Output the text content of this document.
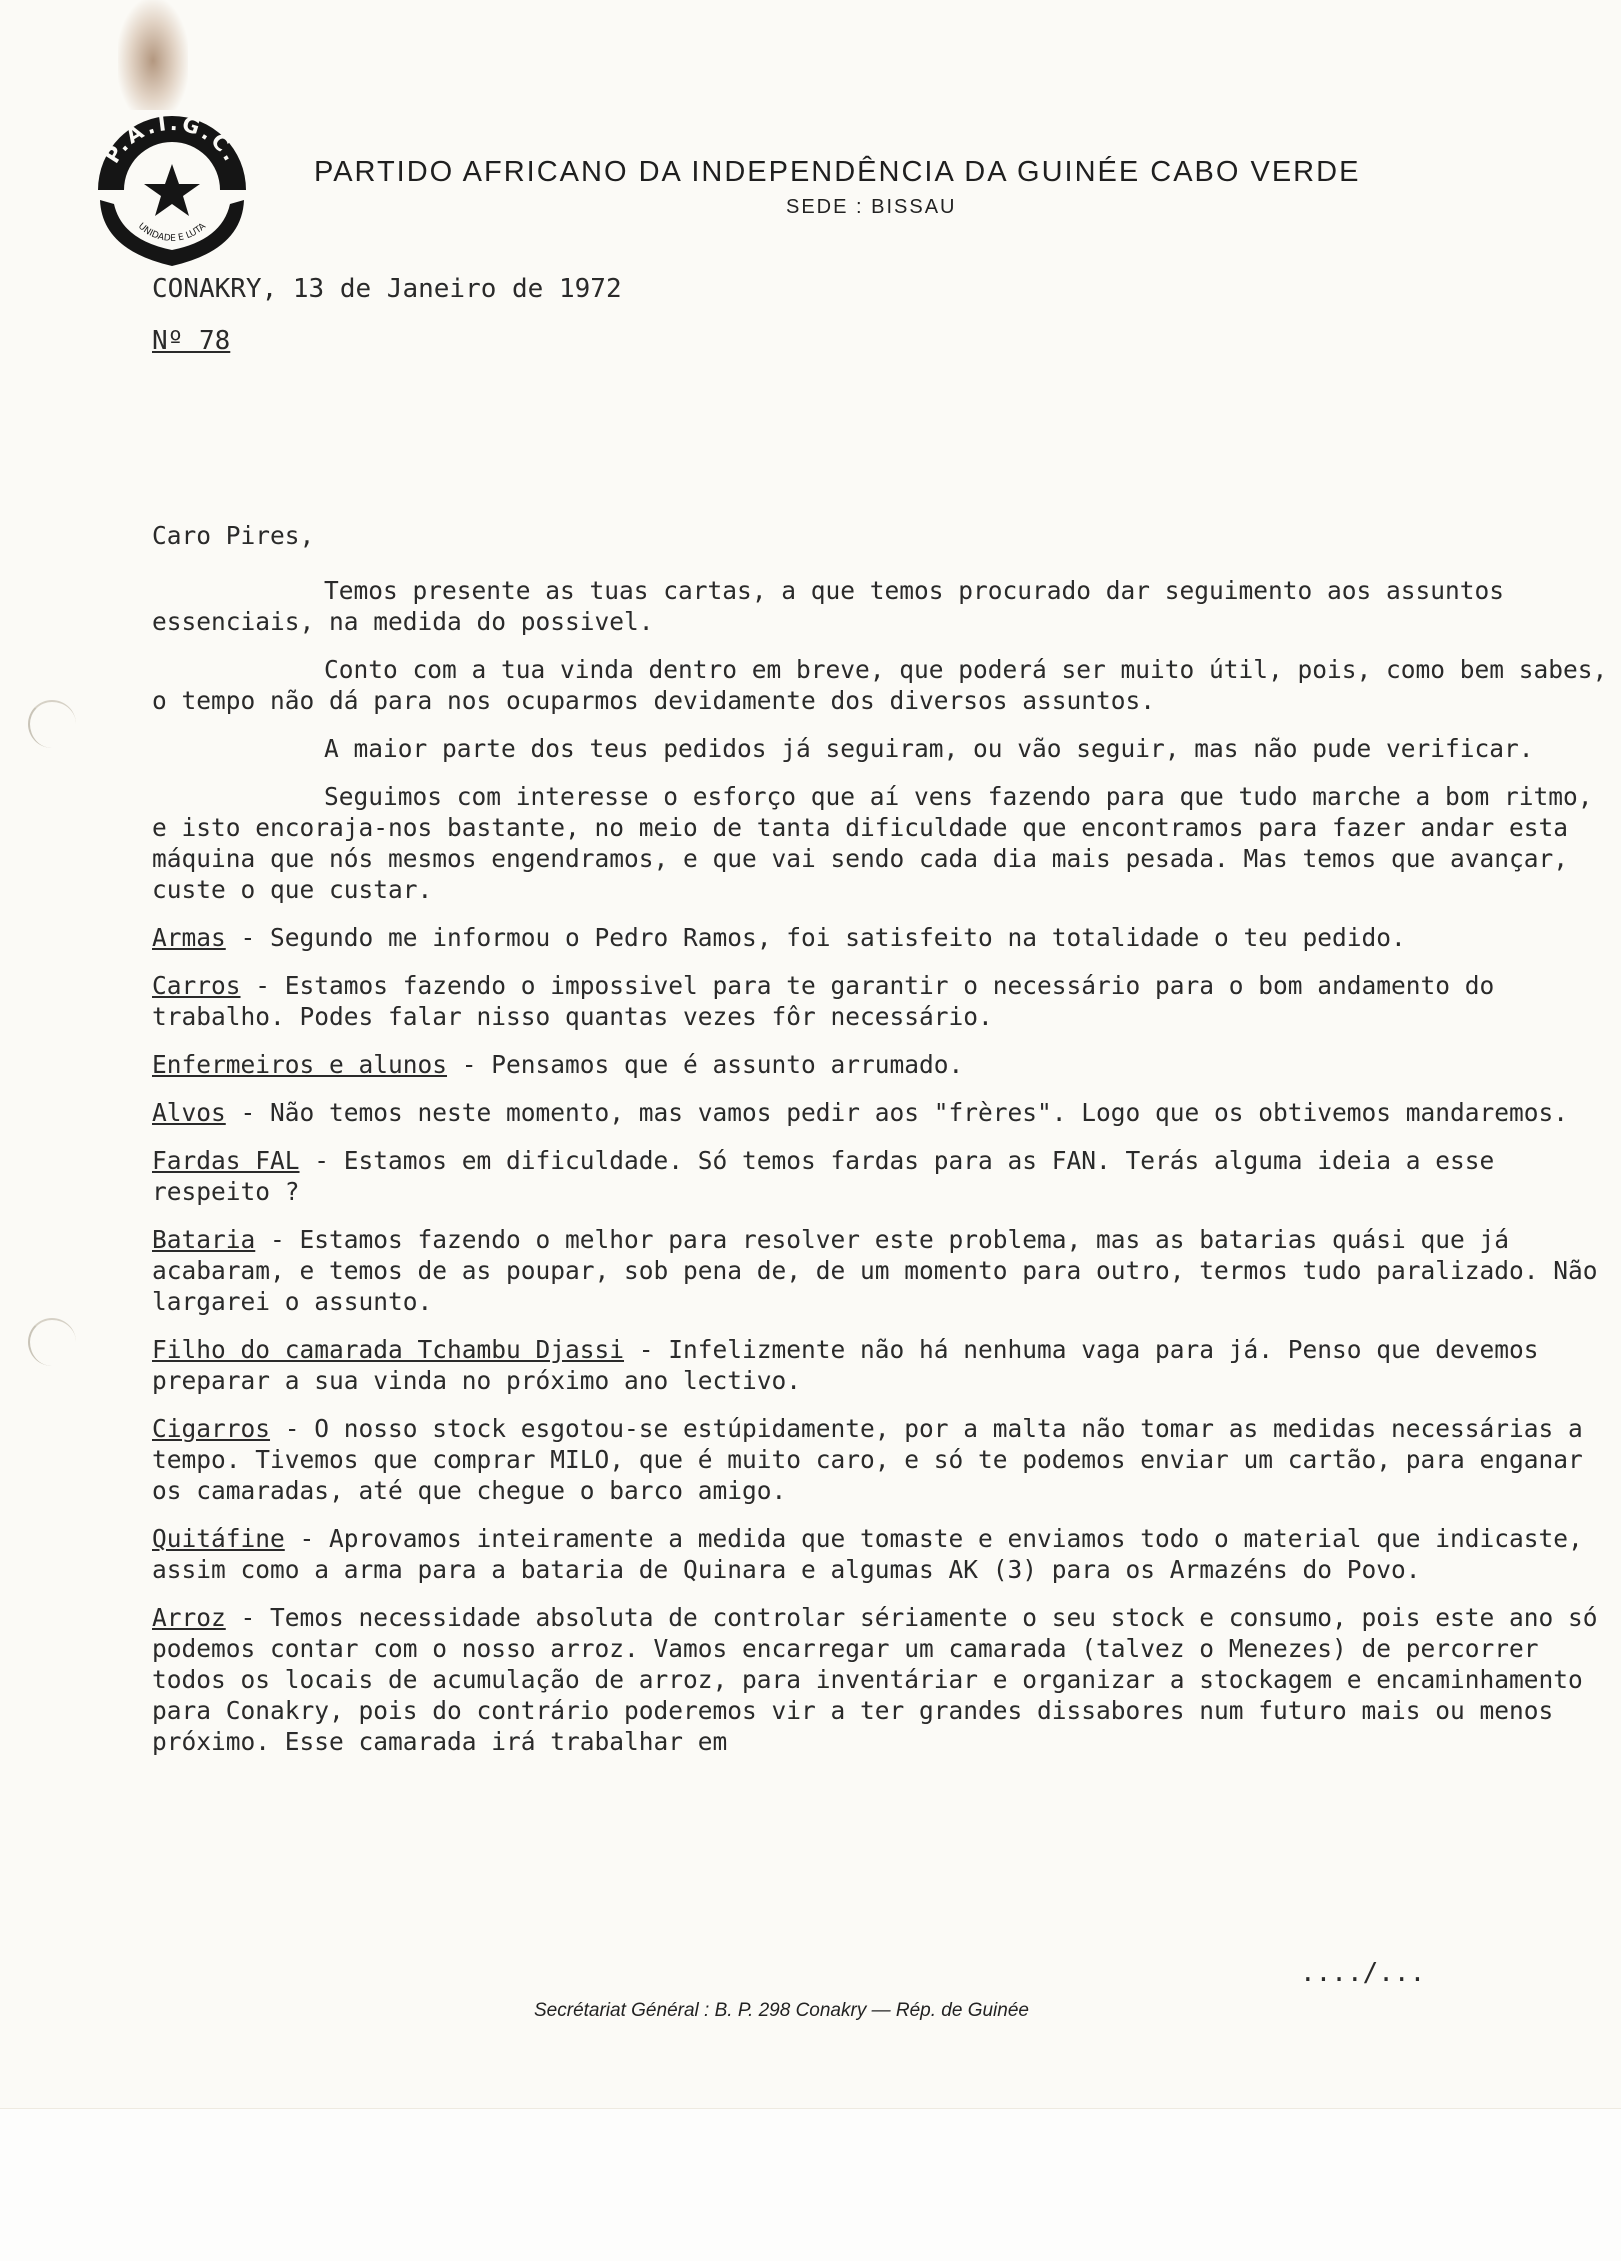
P.A.I.G.C.
UNIDADE E LUTA
PARTIDO AFRICANO DA INDEPENDÊNCIA DA GUINÉE CABO VERDE
SEDE : BISSAU
CONAKRY, 13 de Janeiro de 1972
Nº 78

Caro Pires,

Temos presente as tuas cartas, a que temos procurado dar seguimento aos assuntos essenciais, na medida do possivel.

Conto com a tua vinda dentro em breve, que poderá ser muito útil, pois, como bem sabes, o tempo não dá para nos ocuparmos devidamente dos diversos assuntos.

A maior parte dos teus pedidos já seguiram, ou vão seguir, mas não pude verificar.

Seguimos com interesse o esforço que aí vens fazendo para que tudo marche a bom ritmo, e isto encoraja-nos bastante, no meio de tanta dificuldade que encontramos para fazer andar esta máquina que nós mesmos engendramos, e que vai sendo cada dia mais pesada. Mas temos que avançar, custe o que custar.

Armas - Segundo me informou o Pedro Ramos, foi satisfeito na totalidade o teu pedido.

Carros - Estamos fazendo o impossivel para te garantir o necessário para o bom andamento do trabalho. Podes falar nisso quantas vezes fôr necessário.

Enfermeiros e alunos - Pensamos que é assunto arrumado.

Alvos - Não temos neste momento, mas vamos pedir aos "frères". Logo que os obtivemos mandaremos.

Fardas FAL - Estamos em dificuldade. Só temos fardas para as FAN. Terás alguma ideia a esse respeito ?

Bataria - Estamos fazendo o melhor para resolver este problema, mas as batarias quási que já acabaram, e temos de as poupar, sob pena de, de um momento para outro, termos tudo paralizado. Não largarei o assunto.

Filho do camarada Tchambu Djassi - Infelizmente não há nenhuma vaga para já. Penso que devemos preparar a sua vinda no próximo ano lectivo.

Cigarros - O nosso stock esgotou-se estúpidamente, por a malta não tomar as medidas necessárias a tempo. Tivemos que comprar MILO, que é muito caro, e só te podemos enviar um cartão, para enganar os camaradas, até que chegue o barco amigo.

Quitáfine - Aprovamos inteiramente a medida que tomaste e enviamos todo o material que indicaste, assim como a arma para a bataria de Quinara e algumas AK (3) para os Armazéns do Povo.

Arroz - Temos necessidade absoluta de controlar sériamente o seu stock e consumo, pois este ano só podemos contar com o nosso arroz. Vamos encarregar um camarada (talvez o Menezes) de percorrer todos os locais de acumulação de arroz, para inventáriar e organizar a stockagem e encaminhamento para Conakry, pois do contrário poderemos vir a ter grandes dissabores num futuro mais ou menos próximo. Esse camarada irá trabalhar em

..../...
Secrétariat Général : B. P. 298 Conakry — Rép. de Guinée
